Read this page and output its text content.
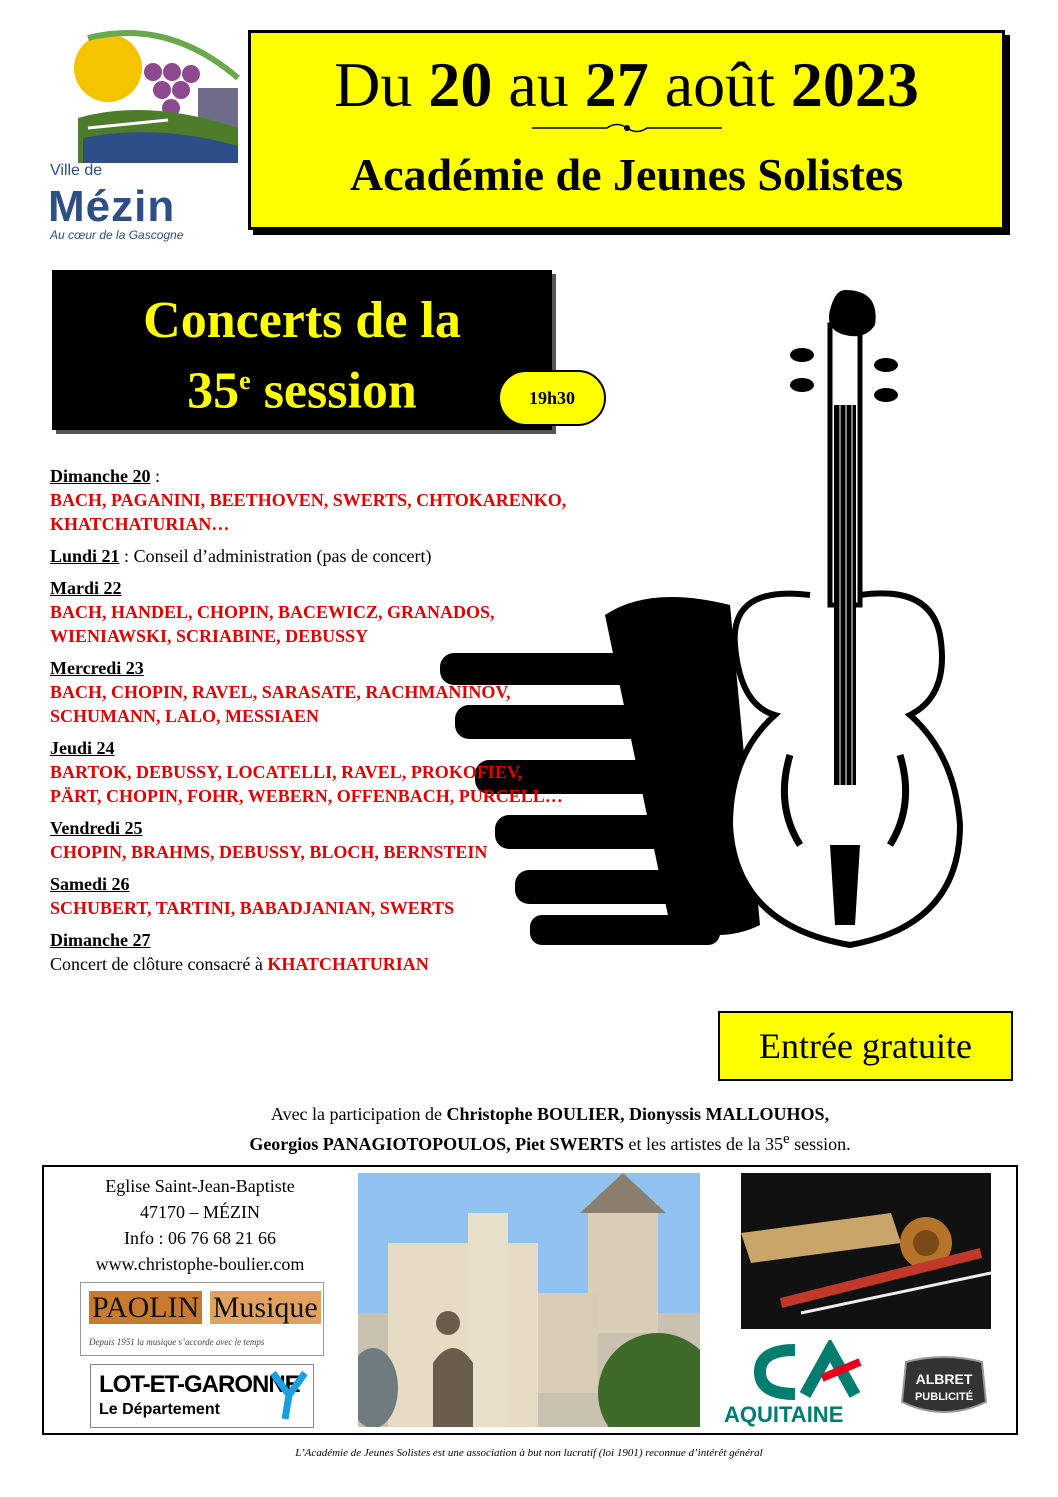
Ville de
Mézin
Au cœur de la Gascogne
Du 20 au 27 août 2023
Académie de Jeunes Solistes
Concerts de la
35e session	19h30
Dimanche 20 :
BACH, PAGANINI, BEETHOVEN, SWERTS, CHTOKARENKO, KHATCHATURIAN…
Lundi 21 : Conseil d’administration (pas de concert)
Mardi 22
BACH, HANDEL, CHOPIN, BACEWICZ, GRANADOS, WIENIAWSKI, SCRIABINE, DEBUSSY
Mercredi 23
BACH, CHOPIN, RAVEL, SARASATE, RACHMANINOV, SCHUMANN, LALO, MESSIAEN
Jeudi 24
BARTOK, DEBUSSY, LOCATELLI, RAVEL, PROKOFIEV, PÄRT, CHOPIN, FOHR, WEBERN, OFFENBACH, PURCELL…
Vendredi 25
CHOPIN, BRAHMS, DEBUSSY, BLOCH, BERNSTEIN
Samedi 26
SCHUBERT, TARTINI, BABADJANIAN, SWERTS
Dimanche 27
Concert de clôture consacré à KHATCHATURIAN
Entrée gratuite
Avec la participation de Christophe BOULIER, Dionyssis MALLOUHOS,
Georgios PANAGIOTOPOULOS, Piet SWERTS et les artistes de la 35e session.
Eglise Saint-Jean-Baptiste
47170 – MÉZIN
Info : 06 76 68 21 66
www.christophe-boulier.com
PAOLIN Musique
Depuis 1951 la musique s’accorde avec le temps
LOT-ET-GARONNE
Le Département	AQUITAINE
ALBRET
PUBLICITÉ
L’Académie de Jeunes Solistes est une association à but non lucratif (loi 1901) reconnue d’intérêt général
